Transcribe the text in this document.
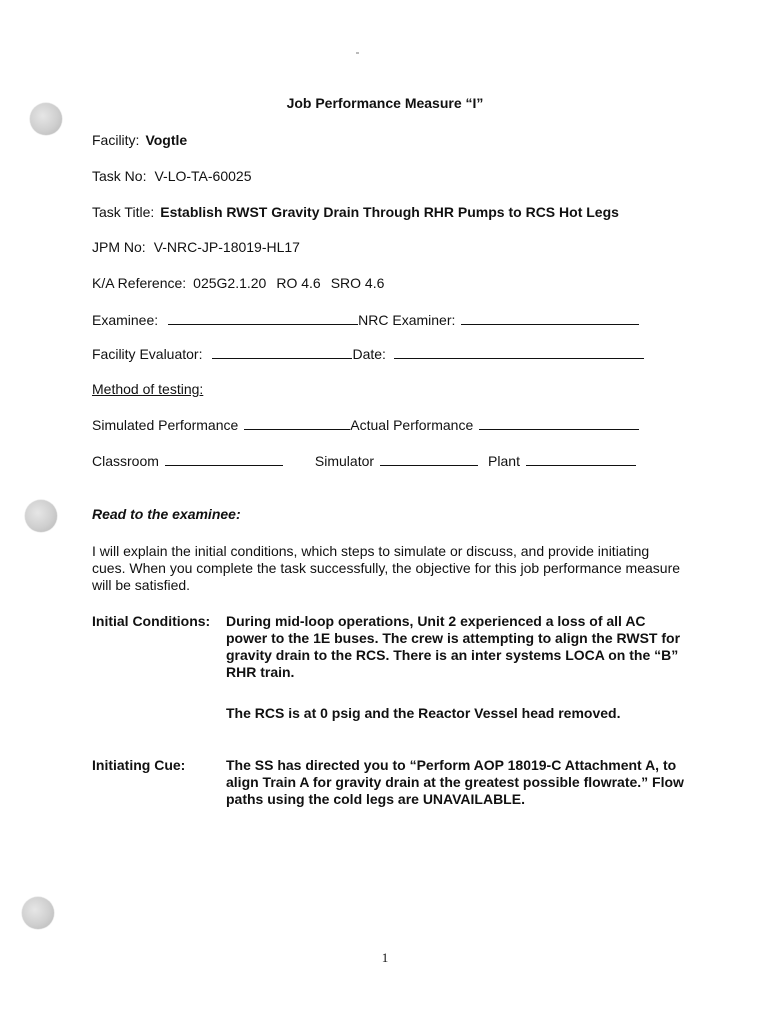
Job Performance Measure “I”
Facility: Vogtle
Task No: V-LO-TA-60025
Task Title: Establish RWST Gravity Drain Through RHR Pumps to RCS Hot Legs
JPM No: V-NRC-JP-18019-HL17
K/A Reference: 025G2.1.20 RO 4.6 SRO 4.6
Examinee:	NRC Examiner:
Facility Evaluator:	Date:
Method of testing:
Simulated Performance	Actual Performance
Classroom	Simulator	Plant
Read to the examinee:
I will explain the initial conditions, which steps to simulate or discuss, and provide initiating cues. When you complete the task successfully, the objective for this job performance measure will be satisfied.
Initial Conditions: During mid-loop operations, Unit 2 experienced a loss of all AC power to the 1E buses. The crew is attempting to align the RWST for gravity drain to the RCS. There is an inter systems LOCA on the “B” RHR train.
The RCS is at 0 psig and the Reactor Vessel head removed.
Initiating Cue:	The SS has directed you to “Perform AOP 18019-C Attachment A, to align Train A for gravity drain at the greatest possible flowrate.” Flow paths using the cold legs are UNAVAILABLE.
1
